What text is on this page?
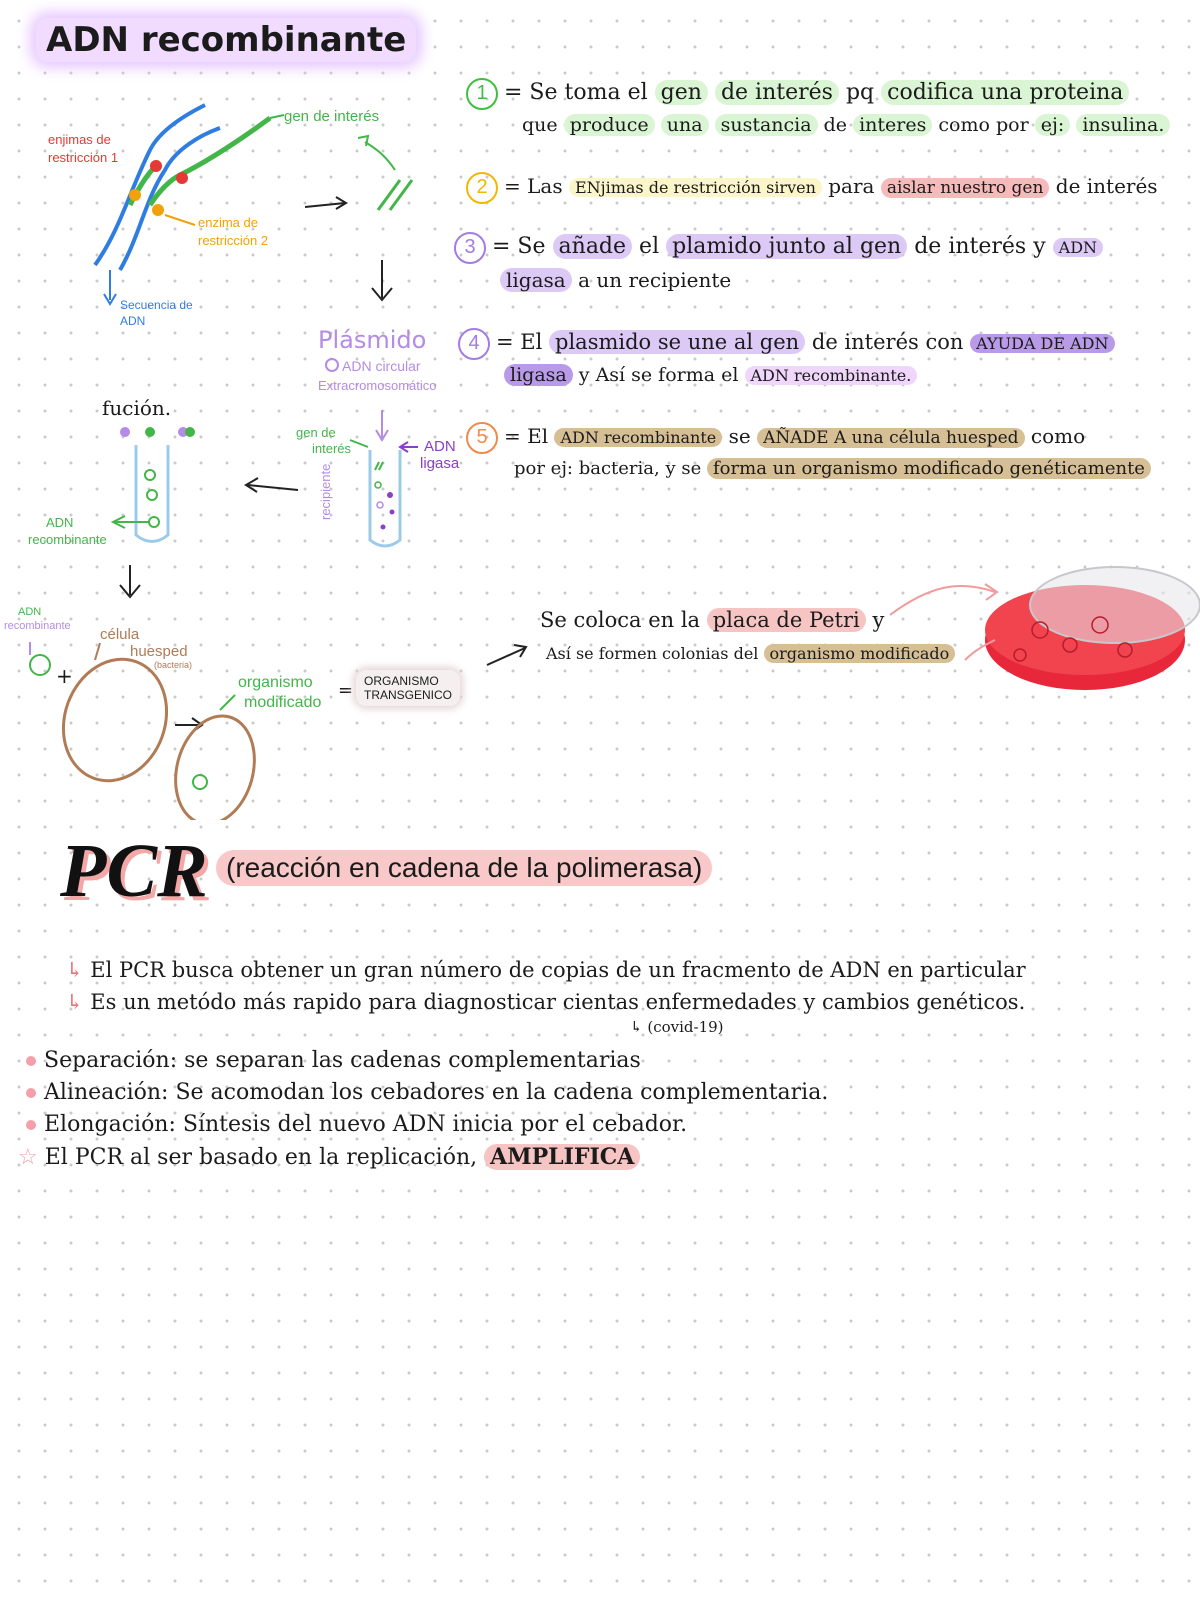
ADN recombinante
enjimas de
restricción 1
gen de interés
enzima de
restricción 2
Secuencia de
ADN
Plásmido
ADN circular
Extracromosomático
gen de
interés	ADN
ligasa
recipiente
fución.
ADN
recombinante
ADN
recombinante
+
célula
huesped
(bacteria)
organismo
modificado
= ORGANISMO
TRANSGENICO
1 = Se toma el gen de interés pq codifica una proteina
que produce una sustancia de interes como por ej: insulina.
2 = Las ENjimas de restricción sirven para aislar nuestro gen de interés
3 = Se añade el plamido junto al gen de interés y ADN
ligasa a un recipiente
4 = El plasmido se une al gen de interés con AYUDA DE ADN
ligasa y Así se forma el ADN recombinante.
5 = El ADN recombinante se AÑADE A una célula huesped como
por ej: bacteria, y se forma un organismo modificado genéticamente
Se coloca en la placa de Petri y
Así se formen colonias del organismo modificado
PCR (reacción en cadena de la polimerasa)
↳ El PCR busca obtener un gran número de copias de un fracmento de ADN en particular
↳ Es un metódo más rapido para diagnosticar cientas enfermedades y cambios genéticos.
↳ (covid-19)
Separación: se separan las cadenas complementarias
Alineación: Se acomodan los cebadores en la cadena complementaria.
Elongación: Síntesis del nuevo ADN inicia por el cebador.
☆ El PCR al ser basado en la replicación, AMPLIFICA
